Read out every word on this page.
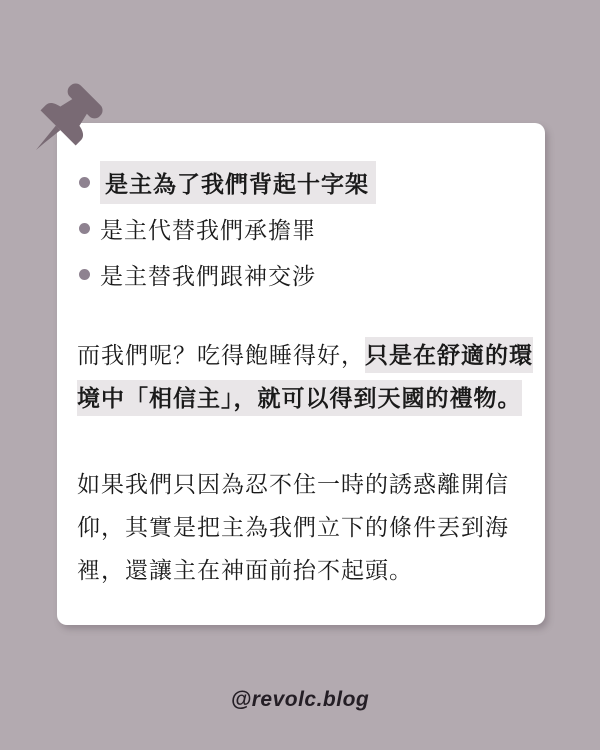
是主為了我們背起十字架
是主代替我們承擔罪
是主替我們跟神交涉

而我們呢？吃得飽睡得好，只是在舒適的環境中「相信主」，就可以得到天國的禮物。

如果我們只因為忍不住一時的誘惑離開信仰，其實是把主為我們立下的條件丟到海裡，還讓主在神面前抬不起頭。

@revolc.blog
